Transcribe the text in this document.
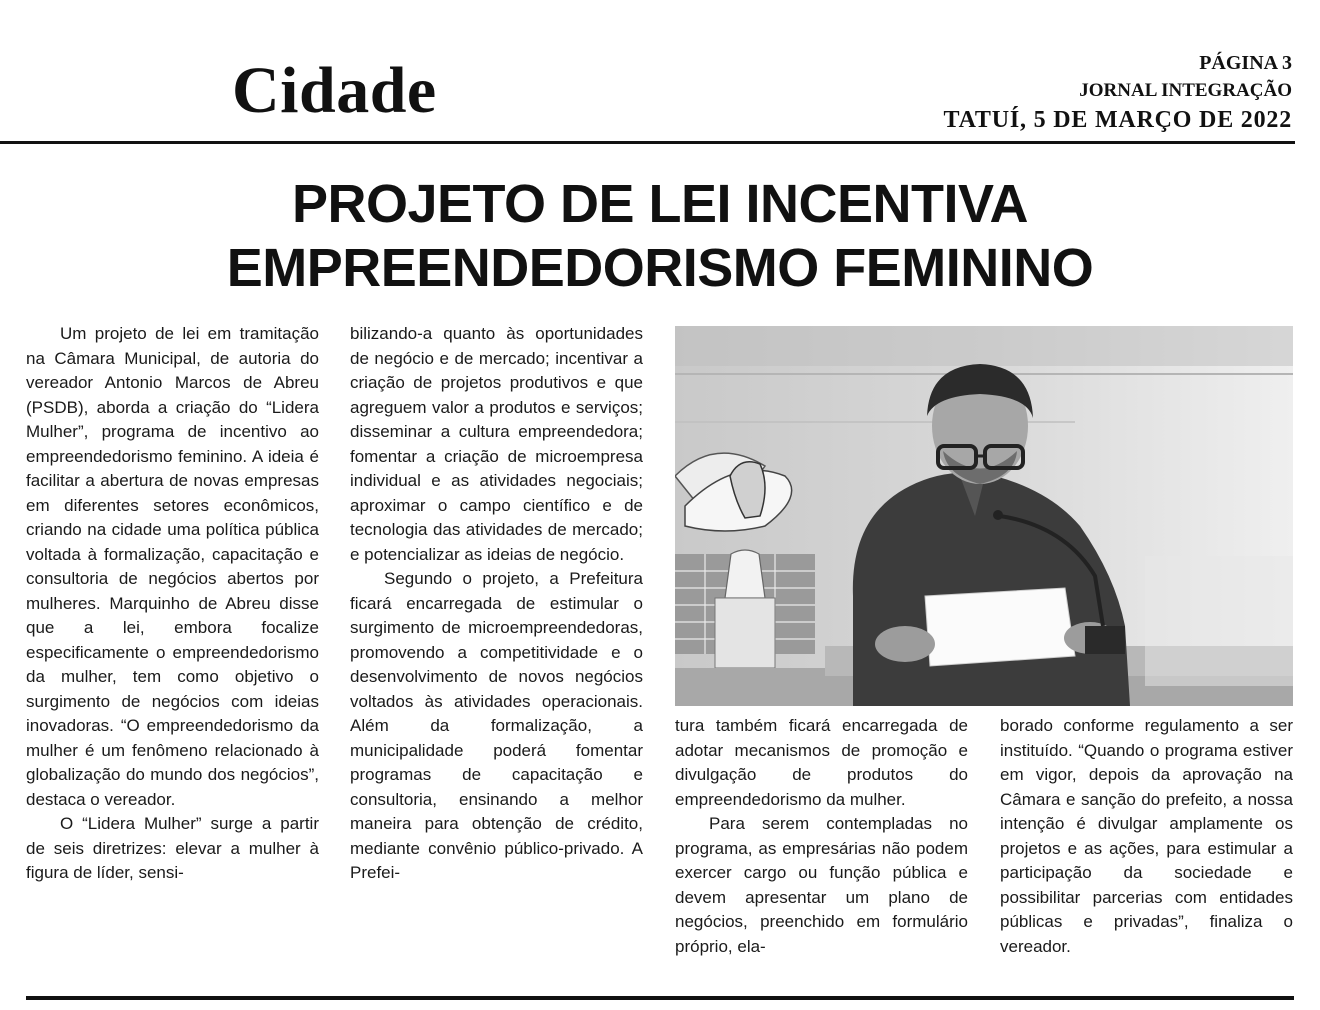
Cidade	PÁGINA 3
JORNAL INTEGRAÇÃO
TATUÍ, 5 DE MARÇO DE 2022
PROJETO DE LEI INCENTIVA
EMPREENDEDORISMO FEMININO

Um projeto de lei em tramitação na Câmara Municipal, de autoria do vereador Antonio Marcos de Abreu (PSDB), aborda a criação do “Lidera Mulher”, programa de incentivo ao empreendedorismo feminino. A ideia é facilitar a abertura de novas empresas em diferentes setores econômicos, criando na cidade uma política pública voltada à formalização, capacitação e consultoria de negócios abertos por mulheres. Marquinho de Abreu disse que a lei, embora focalize especificamente o empreendedorismo da mulher, tem como objetivo o surgimento de negócios com ideias inovadoras. “O empreendedorismo da mulher é um fenômeno relacionado à globalização do mundo dos negócios”, destaca o vereador.

O “Lidera Mulher” surge a partir de seis diretrizes: elevar a mulher à figura de líder, sensi-

bilizando-a quanto às oportunidades de negócio e de mercado; incentivar a criação de projetos produtivos e que agreguem valor a produtos e serviços; disseminar a cultura empreendedora; fomentar a criação de microempresa individual e as atividades negociais; aproximar o campo científico e de tecnologia das atividades de mercado; e potencializar as ideias de negócio.

Segundo o projeto, a Prefeitura ficará encarregada de estimular o surgimento de microempreendedoras, promovendo a competitividade e o desenvolvimento de novos negócios voltados às atividades operacionais. Além da formalização, a municipalidade poderá fomentar programas de capacitação e consultoria, ensinando a melhor maneira para obtenção de crédito, mediante convênio público-privado. A Prefei-

tura também ficará encarregada de adotar mecanismos de promoção e divulgação de produtos do empreendedorismo da mulher.

Para serem contempladas no programa, as empresárias não podem exercer cargo ou função pública e devem apresentar um plano de negócios, preenchido em formulário próprio, ela-

borado conforme regulamento a ser instituído. “Quando o programa estiver em vigor, depois da aprovação na Câmara e sanção do prefeito, a nossa intenção é divulgar amplamente os projetos e as ações, para estimular a participação da sociedade e possibilitar parcerias com entidades públicas e privadas”, finaliza o vereador.
